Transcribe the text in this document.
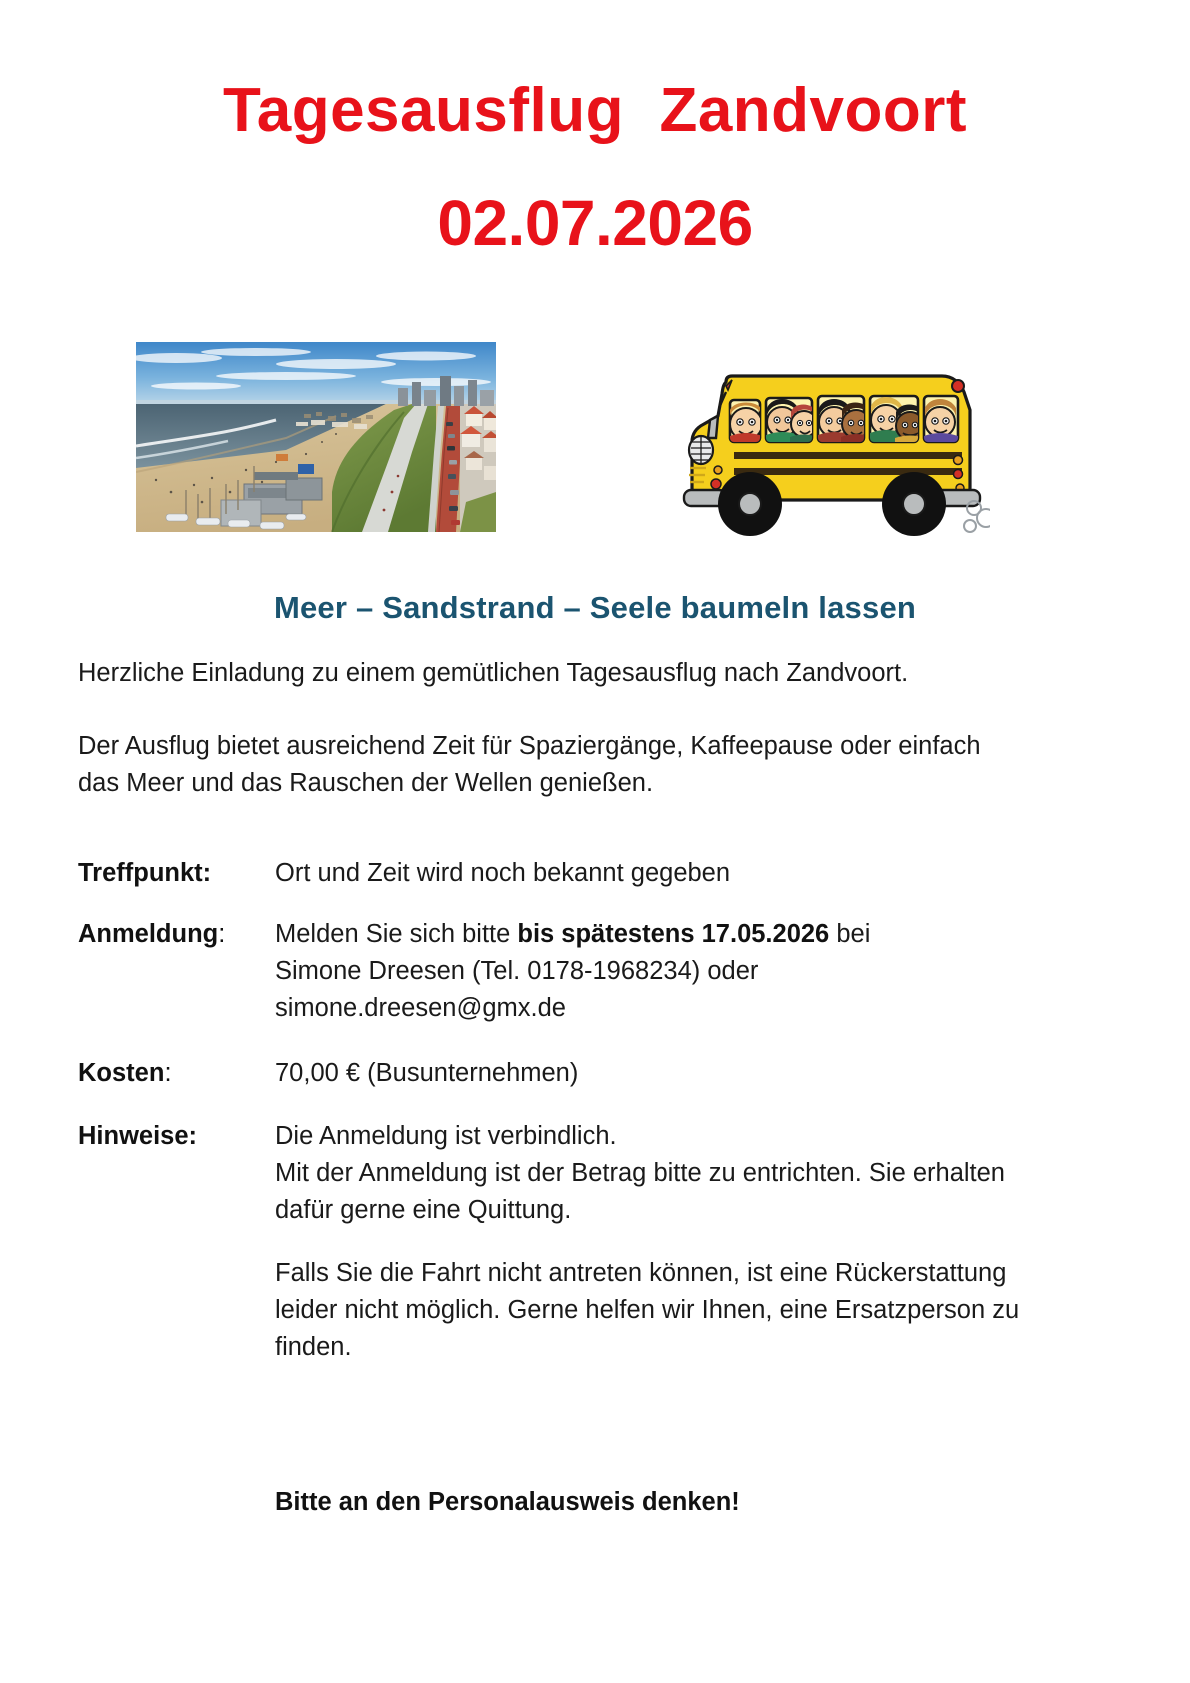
Tagesausflug  Zandvoort
02.07.2026
Meer – Sandstrand – Seele baumeln lassen
Herzliche Einladung zu einem gemütlichen Tagesausflug nach Zandvoort.
Der Ausflug bietet ausreichend Zeit für Spaziergänge, Kaffeepause oder einfach das Meer und das Rauschen der Wellen genießen.
Treffpunkt:	Ort und Zeit wird noch bekannt gegeben

Anmeldung:	Melden Sie sich bitte bis spätestens 17.05.2026 bei

Simone Dreesen (Tel. 0178-1968234) oder

simone.dreesen@gmx.de

Kosten:	70,00 € (Busunternehmen)

Hinweise:	Die Anmeldung ist verbindlich.

Mit der Anmeldung ist der Betrag bitte zu entrichten. Sie erhalten dafür gerne eine Quittung.

Falls Sie die Fahrt nicht antreten können, ist eine Rückerstattung leider nicht möglich. Gerne helfen wir Ihnen, eine Ersatzperson zu finden.

Bitte an den Personalausweis denken!
